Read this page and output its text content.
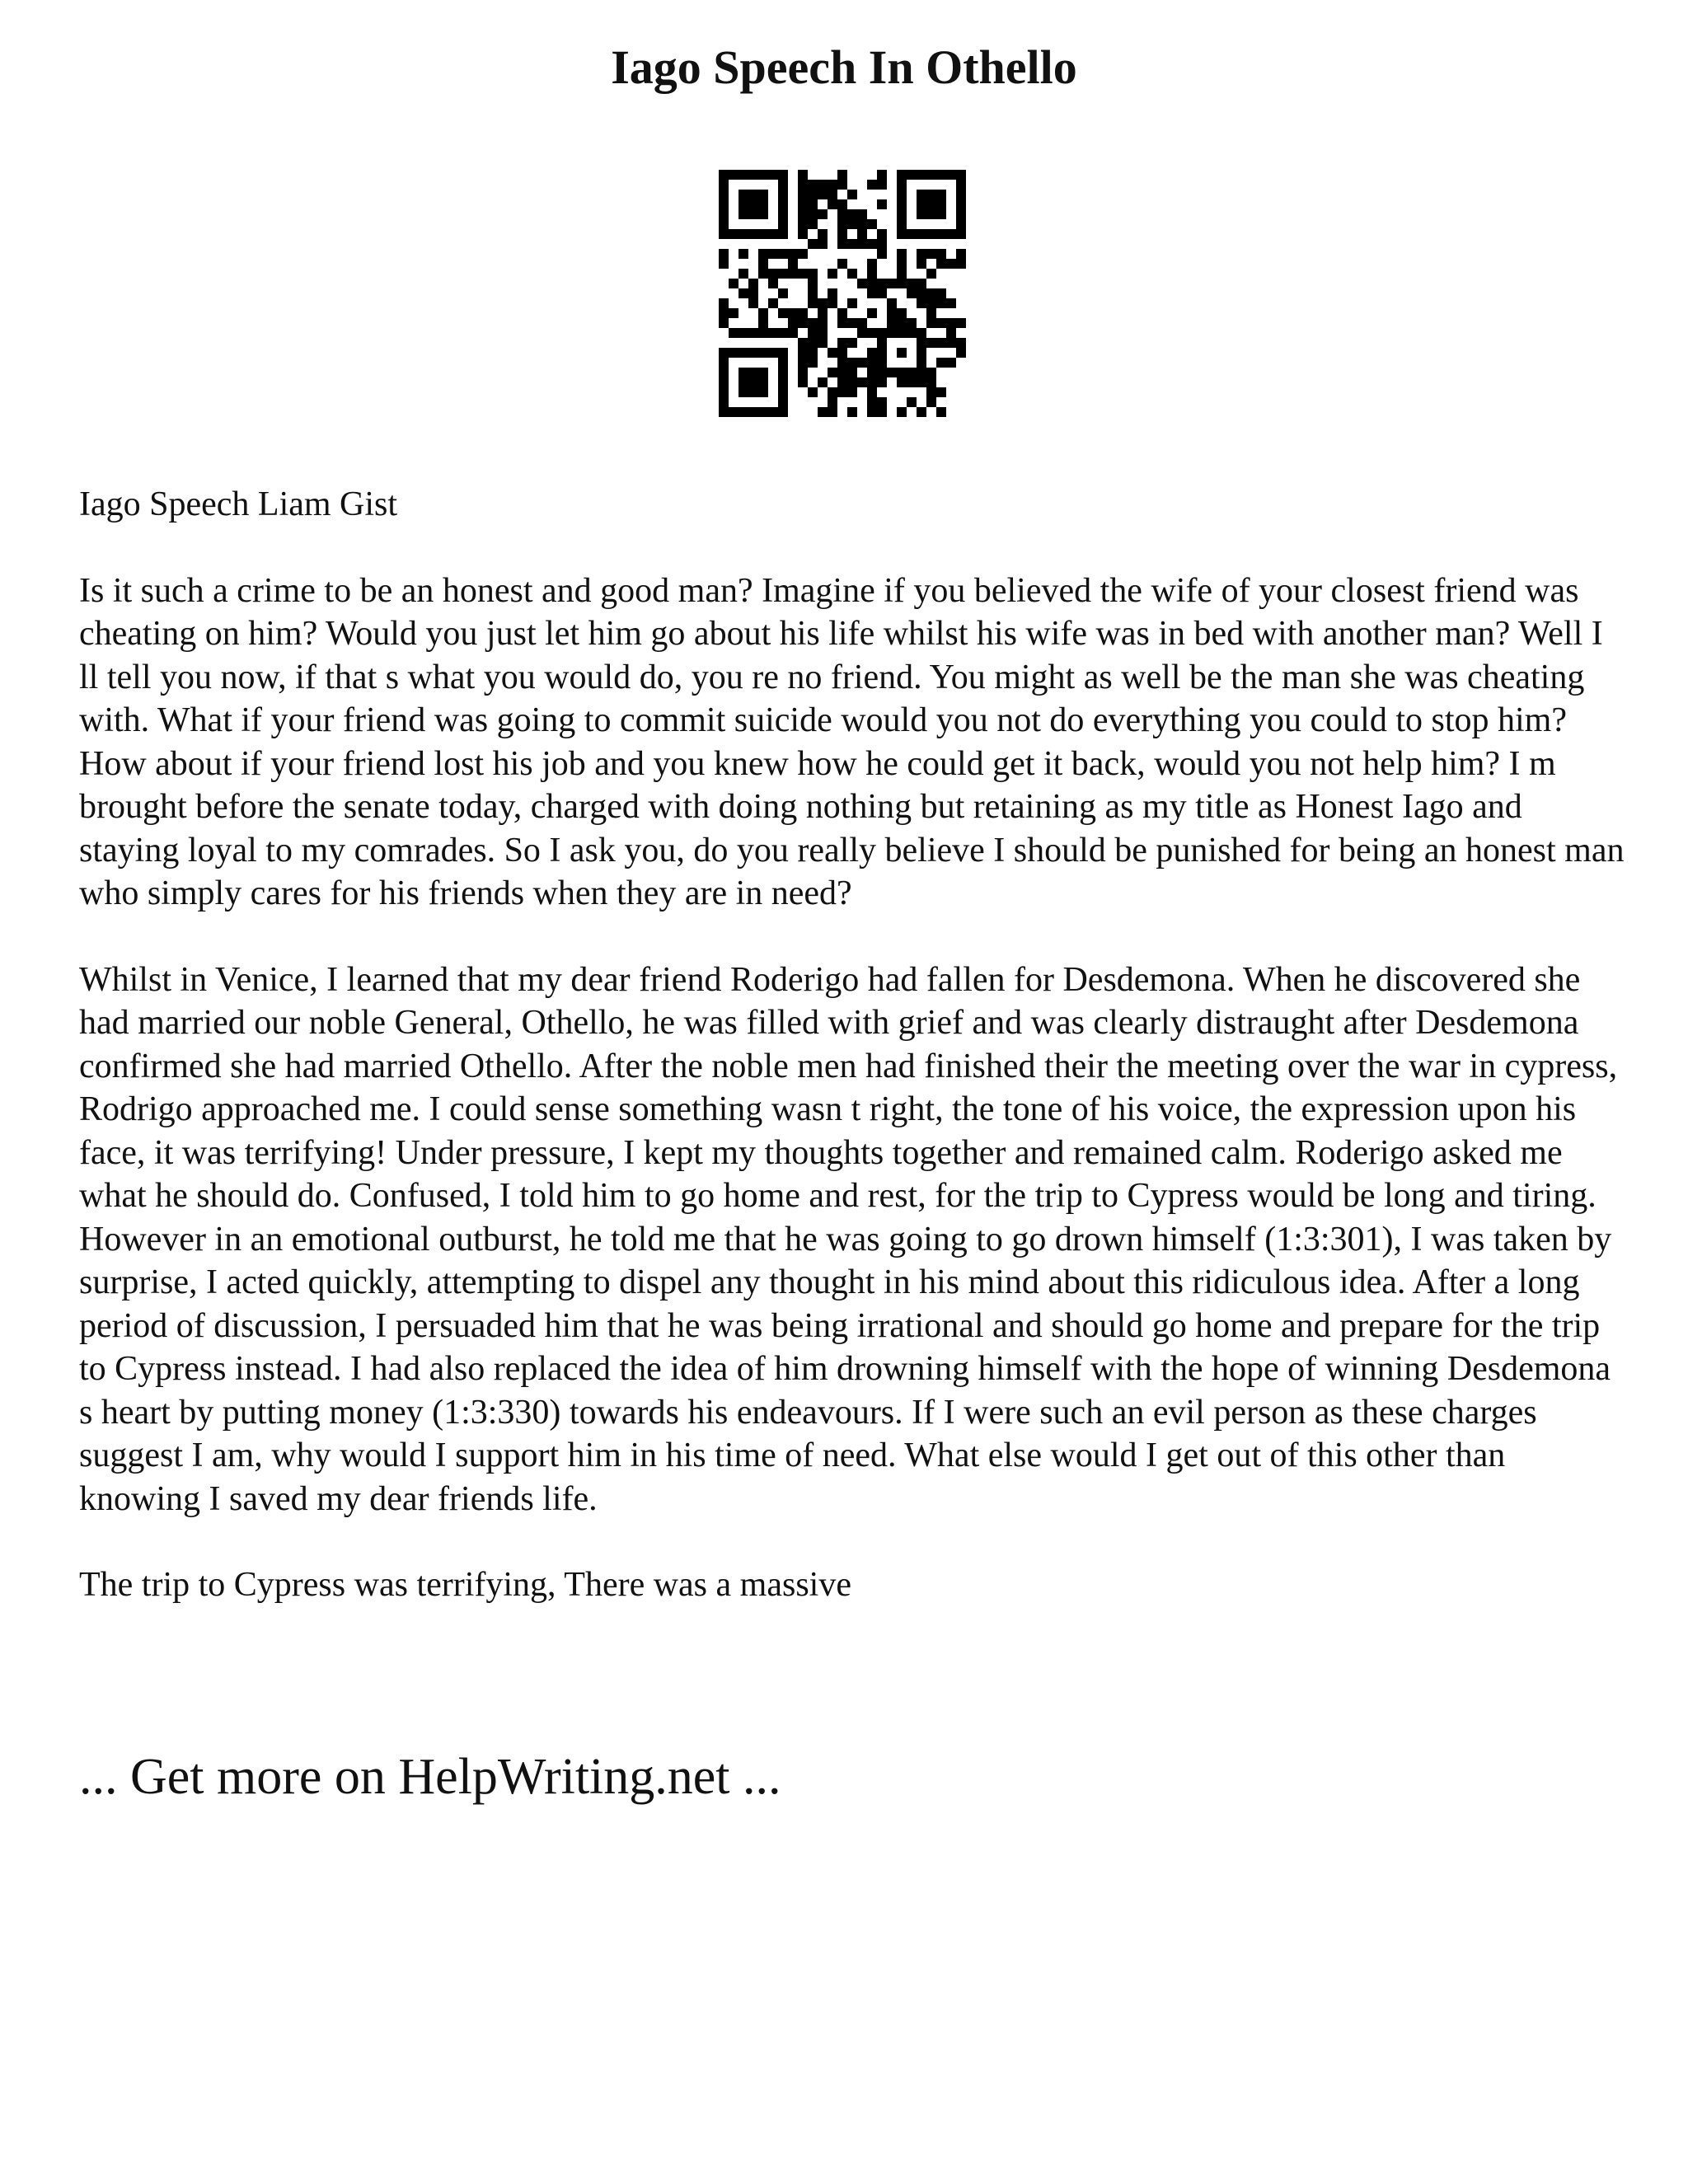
Iago Speech In Othello

Iago Speech Liam Gist

Is it such a crime to be an honest and good man? Imagine if you believed the wife of your closest friend was cheating on him? Would you just let him go about his life whilst his wife was in bed with another man? Well I ll tell you now, if that s what you would do, you re no friend. You might as well be the man she was cheating with. What if your friend was going to commit suicide would you not do everything you could to stop him? How about if your friend lost his job and you knew how he could get it back, would you not help him? I m brought before the senate today, charged with doing nothing but retaining as my title as Honest Iago and staying loyal to my comrades. So I ask you, do you really believe I should be punished for being an honest man who simply cares for his friends when they are in need?

Whilst in Venice, I learned that my dear friend Roderigo had fallen for Desdemona. When he discovered she had married our noble General, Othello, he was filled with grief and was clearly distraught after Desdemona confirmed she had married Othello. After the noble men had finished their the meeting over the war in cypress, Rodrigo approached me. I could sense something wasn t right, the tone of his voice, the expression upon his face, it was terrifying! Under pressure, I kept my thoughts together and remained calm. Roderigo asked me what he should do. Confused, I told him to go home and rest, for the trip to Cypress would be long and tiring. However in an emotional outburst, he told me that he was going to go drown himself (1:3:301), I was taken by surprise, I acted quickly, attempting to dispel any thought in his mind about this ridiculous idea. After a long period of discussion, I persuaded him that he was being irrational and should go home and prepare for the trip to Cypress instead. I had also replaced the idea of him drowning himself with the hope of winning Desdemona s heart by putting money (1:3:330) towards his endeavours. If I were such an evil person as these charges suggest I am, why would I support him in his time of need. What else would I get out of this other than knowing I saved my dear friends life.

The trip to Cypress was terrifying, There was a massive

... Get more on HelpWriting.net ...
